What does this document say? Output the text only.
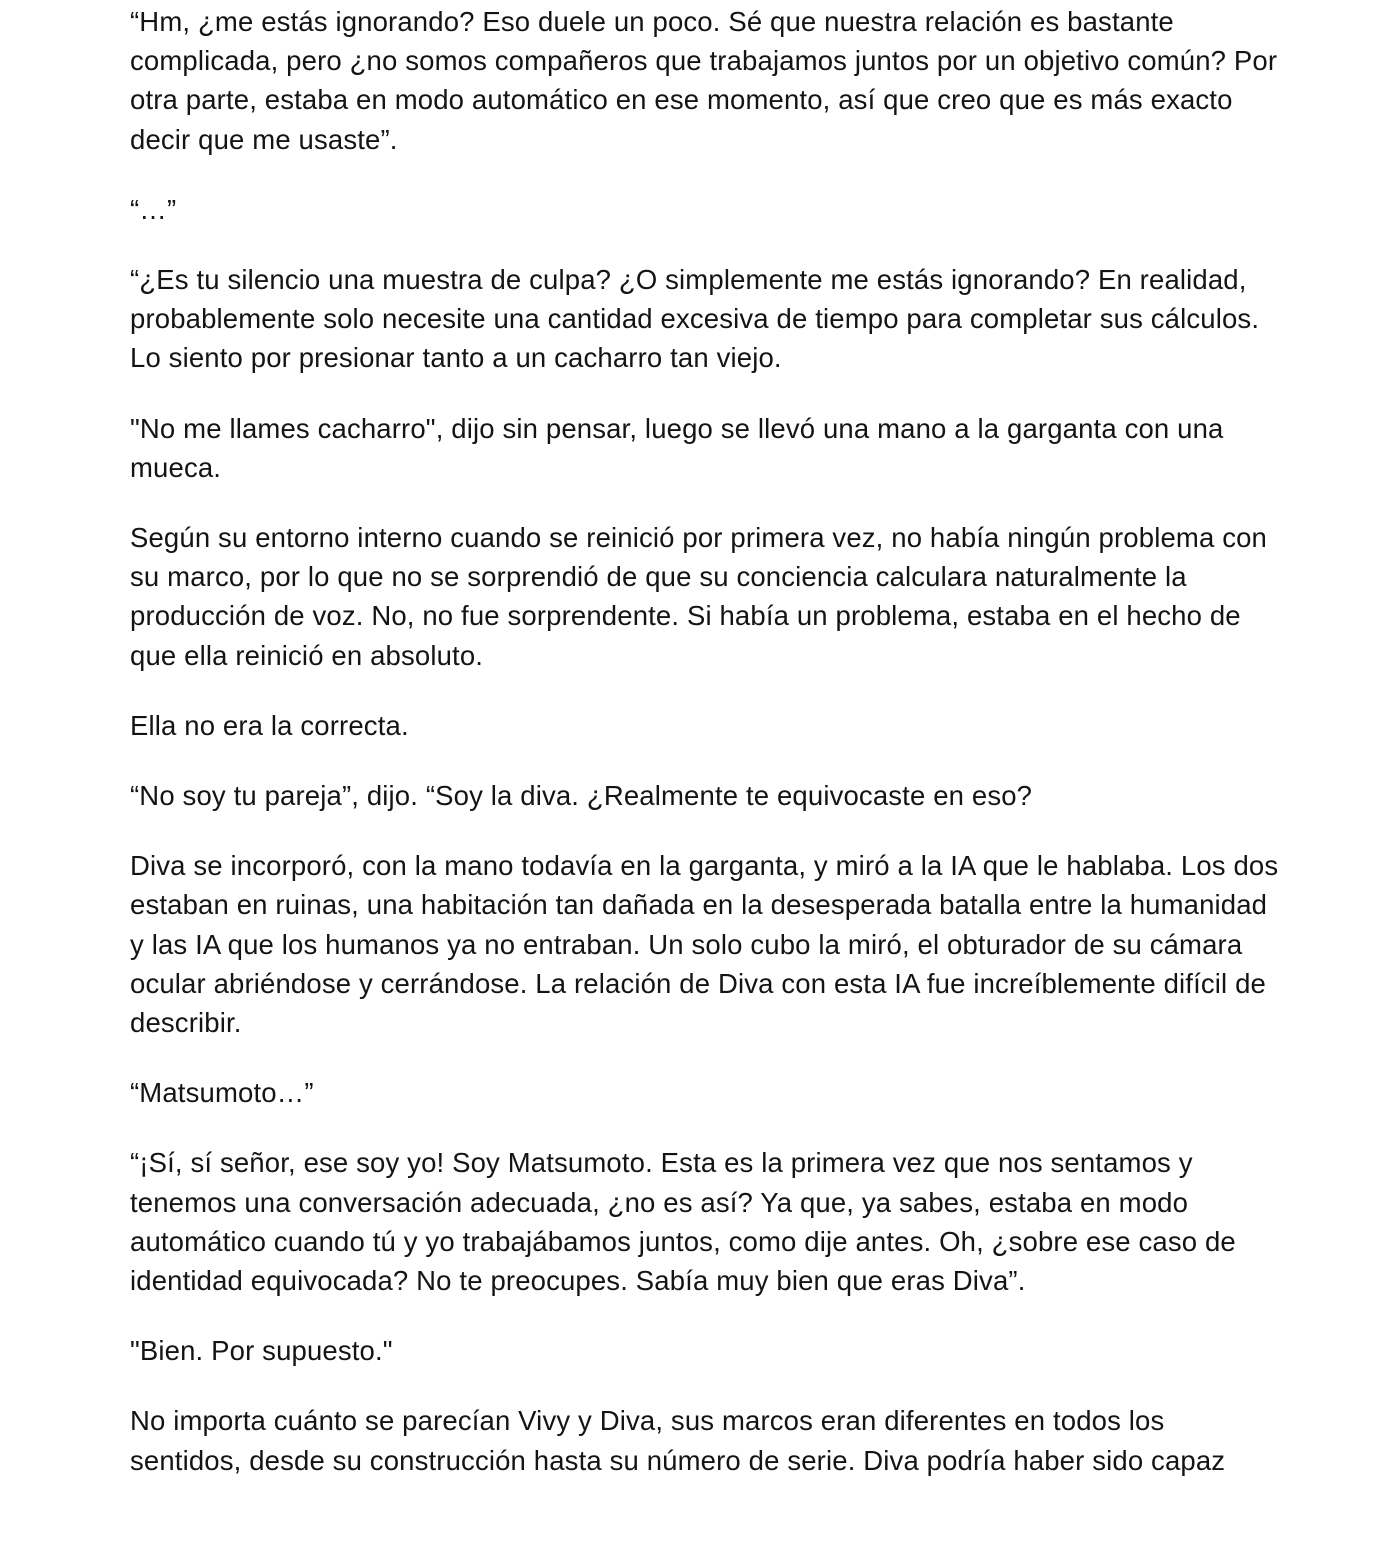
“Hm, ¿me estás ignorando? Eso duele un poco. Sé que nuestra relación es bastante complicada, pero ¿no somos compañeros que trabajamos juntos por un objetivo común? Por otra parte, estaba en modo automático en ese momento, así que creo que es más exacto decir que me usaste”.

“…”

“¿Es tu silencio una muestra de culpa? ¿O simplemente me estás ignorando? En realidad, probablemente solo necesite una cantidad excesiva de tiempo para completar sus cálculos. Lo siento por presionar tanto a un cacharro tan viejo.

"No me llames cacharro", dijo sin pensar, luego se llevó una mano a la garganta con una mueca.

Según su entorno interno cuando se reinició por primera vez, no había ningún problema con su marco, por lo que no se sorprendió de que su conciencia calculara naturalmente la producción de voz. No, no fue sorprendente. Si había un problema, estaba en el hecho de que ella reinició en absoluto.

Ella no era la correcta.

“No soy tu pareja”, dijo. “Soy la diva. ¿Realmente te equivocaste en eso?

Diva se incorporó, con la mano todavía en la garganta, y miró a la IA que le hablaba. Los dos estaban en ruinas, una habitación tan dañada en la desesperada batalla entre la humanidad y las IA que los humanos ya no entraban. Un solo cubo la miró, el obturador de su cámara ocular abriéndose y cerrándose. La relación de Diva con esta IA fue increíblemente difícil de describir.

“Matsumoto…”

“¡Sí, sí señor, ese soy yo! Soy Matsumoto. Esta es la primera vez que nos sentamos y tenemos una conversación adecuada, ¿no es así? Ya que, ya sabes, estaba en modo automático cuando tú y yo trabajábamos juntos, como dije antes. Oh, ¿sobre ese caso de identidad equivocada? No te preocupes. Sabía muy bien que eras Diva”.

"Bien. Por supuesto."

No importa cuánto se parecían Vivy y Diva, sus marcos eran diferentes en todos los sentidos, desde su construcción hasta su número de serie. Diva podría haber sido capaz
